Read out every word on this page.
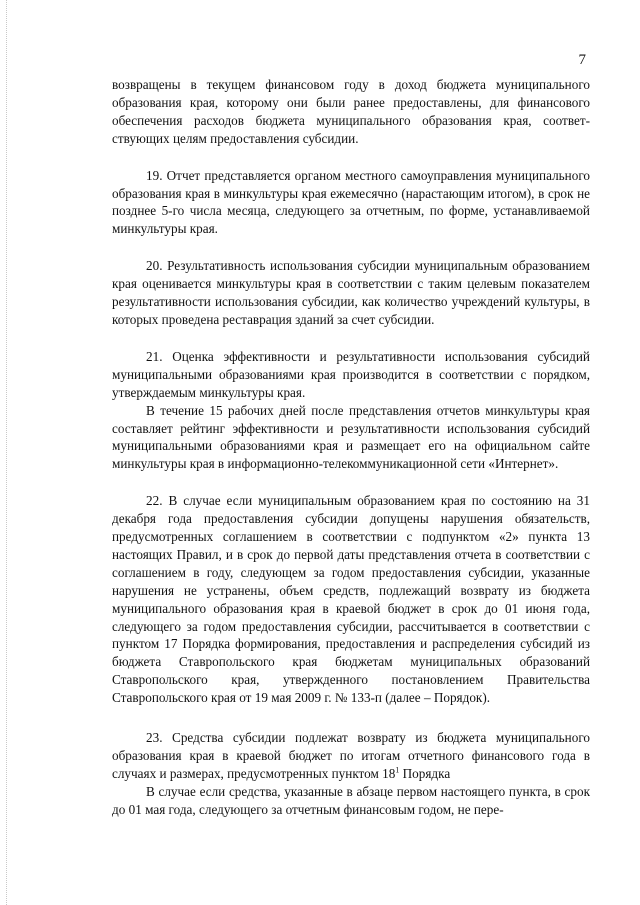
7

возвращены в текущем финансовом году в доход бюджета муниципального образования края, которому они были ранее предоставлены, для финансового обеспечения расходов бюджета муниципального образования края, соответствующих целям предоставления субсидии.

19. Отчет представляется органом местного самоуправления муниципального образования края в минкультуры края ежемесячно (нарастающим итогом), в срок не позднее 5-го числа месяца, следующего за отчетным, по форме, устанавливаемой минкультуры края.

20. Результативность использования субсидии муниципальным образованием края оценивается минкультуры края в соответствии с таким целевым показателем результативности использования субсидии, как количество учреждений культуры, в которых проведена реставрация зданий за счет субсидии.

21. Оценка эффективности и результативности использования субсидий муниципальными образованиями края производится в соответствии с порядком, утверждаемым минкультуры края.

В течение 15 рабочих дней после представления отчетов минкультуры края составляет рейтинг эффективности и результативности использования субсидий муниципальными образованиями края и размещает его на официальном сайте минкультуры края в информационно-телекоммуникационной сети «Интернет».

22. В случае если муниципальным образованием края по состоянию на 31 декабря года предоставления субсидии допущены нарушения обязательств, предусмотренных соглашением в соответствии с подпунктом «2» пункта 13 настоящих Правил, и в срок до первой даты представления отчета в соответствии с соглашением в году, следующем за годом предоставления субсидии, указанные нарушения не устранены, объем средств, подлежащий возврату из бюджета муниципального образования края в краевой бюджет в срок до 01 июня года, следующего за годом предоставления субсидии, рассчитывается в соответствии с пунктом 17 Порядка формирования, предоставления и распределения субсидий из бюджета Ставропольского края бюджетам муниципальных образований Ставропольского края, утвержденного постановлением Правительства Ставропольского края от 19 мая 2009 г. № 133-п (далее – Порядок).

23. Средства субсидии подлежат возврату из бюджета муниципального образования края в краевой бюджет по итогам отчетного финансового года в случаях и размерах, предусмотренных пунктом $18^1$ Порядка

В случае если средства, указанные в абзаце первом настоящего пункта, в срок до 01 мая года, следующего за отчетным финансовым годом, не пере-
